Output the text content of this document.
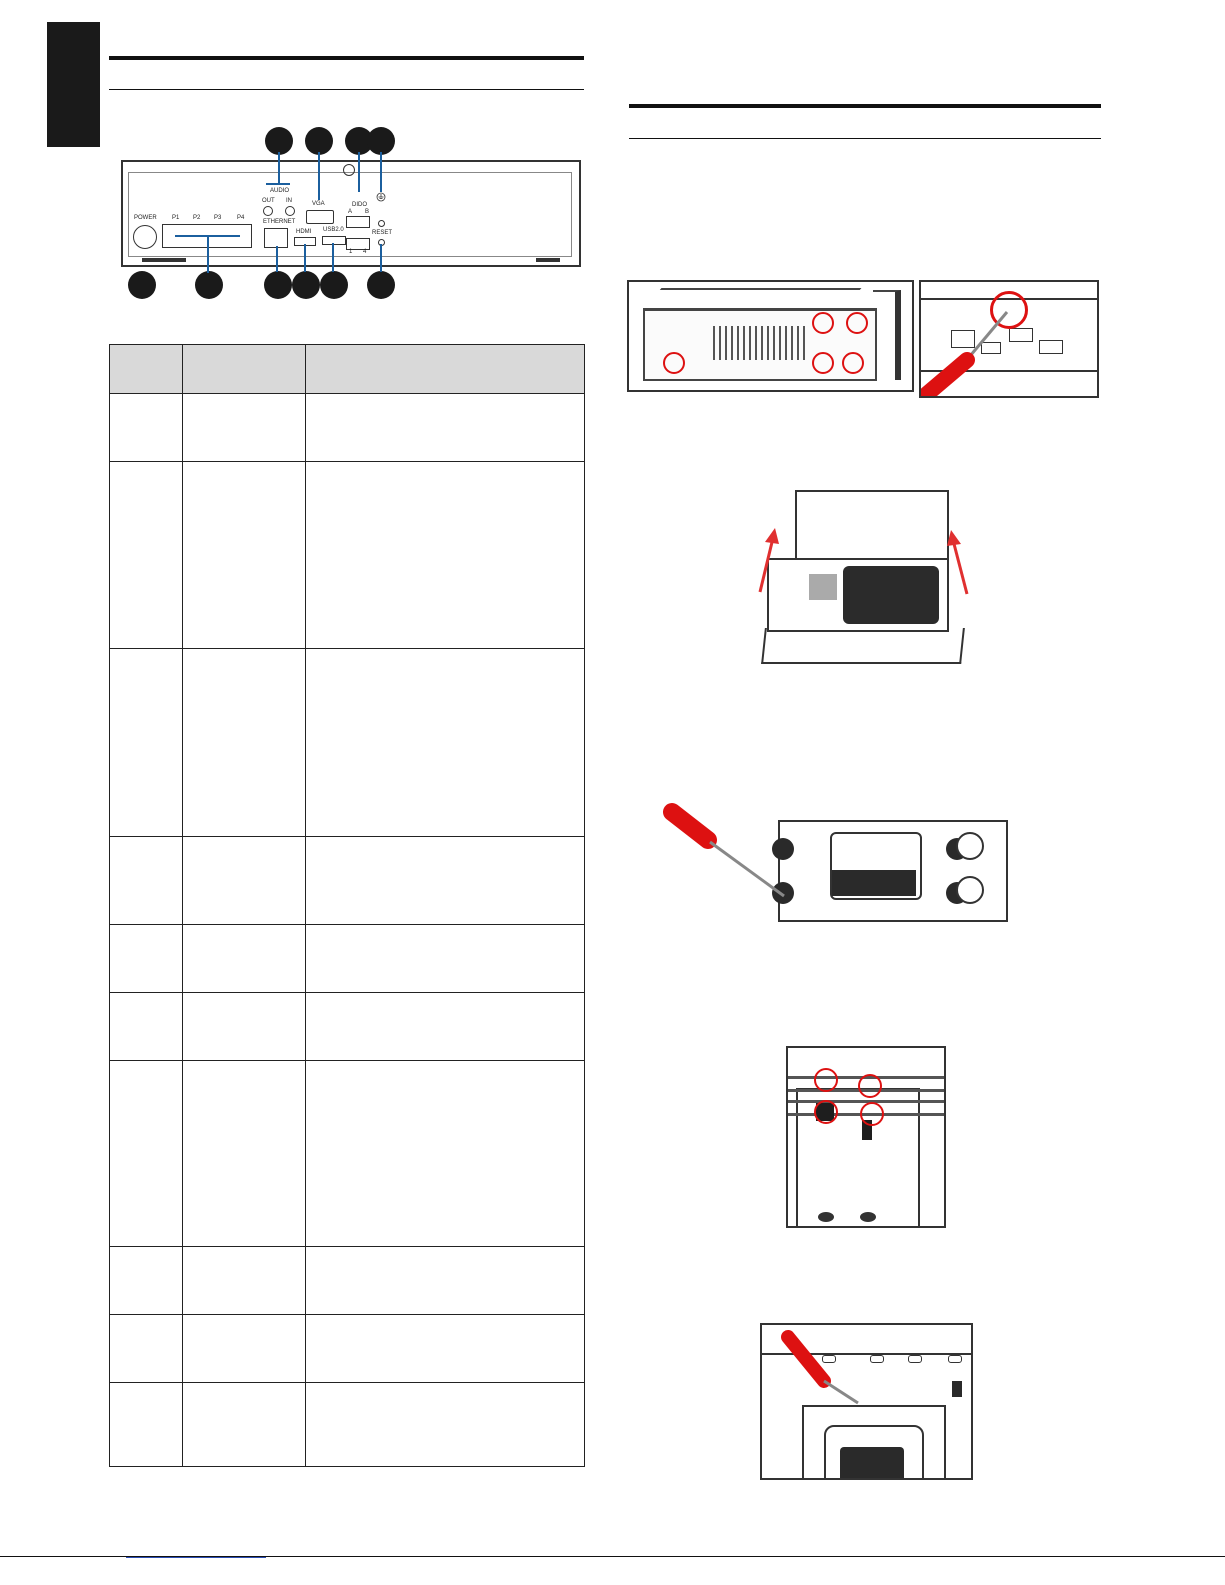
POWER	P1 P2 P3	P4
AUDIO
OUT IN
ETHERNET
VGA
HDMI USB2.0
DIDO
A B
1 4
RESET
